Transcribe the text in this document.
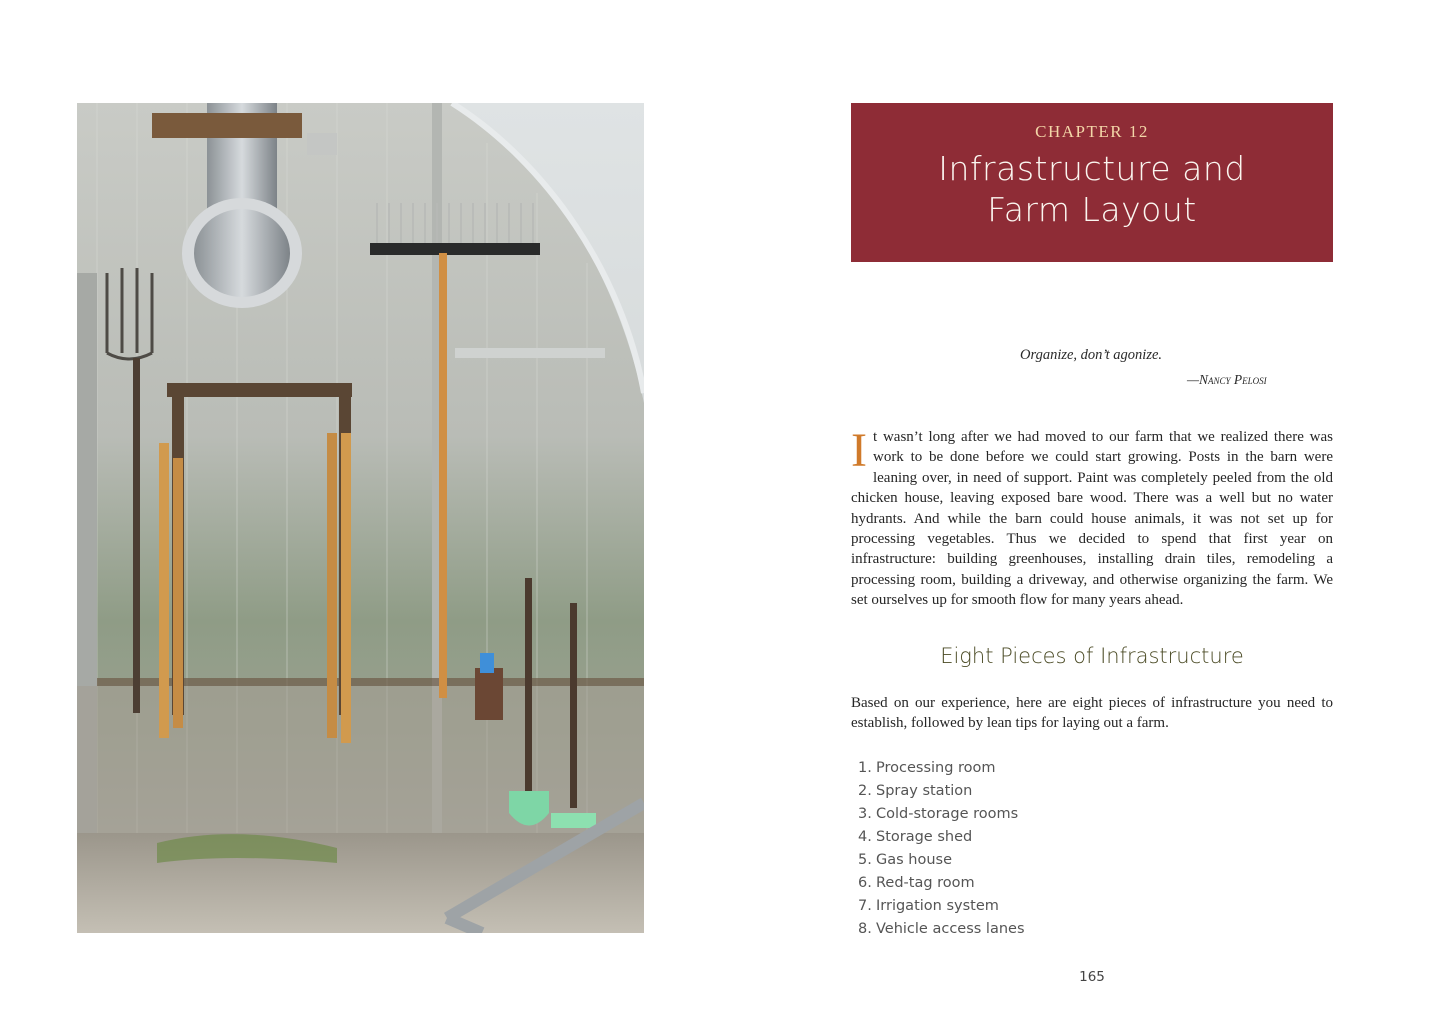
CHAPTER 12
Infrastructure and
Farm Layout
Organize, don’t agonize.
—Nancy Pelosi

It wasn’t long after we had moved to our farm that we realized there was work to be done before we could start growing. Posts in the barn were leaning over, in need of support. Paint was completely peeled from the old chicken house, leaving exposed bare wood. There was a well but no water hydrants. And while the barn could house animals, it was not set up for processing vegetables. Thus we decided to spend that first year on infrastructure: building greenhouses, installing drain tiles, remodeling a processing room, building a driveway, and otherwise organizing the farm. We set ourselves up for smooth flow for many years ahead.

Eight Pieces of Infrastructure

Based on our experience, here are eight pieces of infrastructure you need to establish, followed by lean tips for laying out a farm.

1. Processing room
2. Spray station
3. Cold-storage rooms
4. Storage shed
5. Gas house
6. Red-tag room
7. Irrigation system
8. Vehicle access lanes
165
